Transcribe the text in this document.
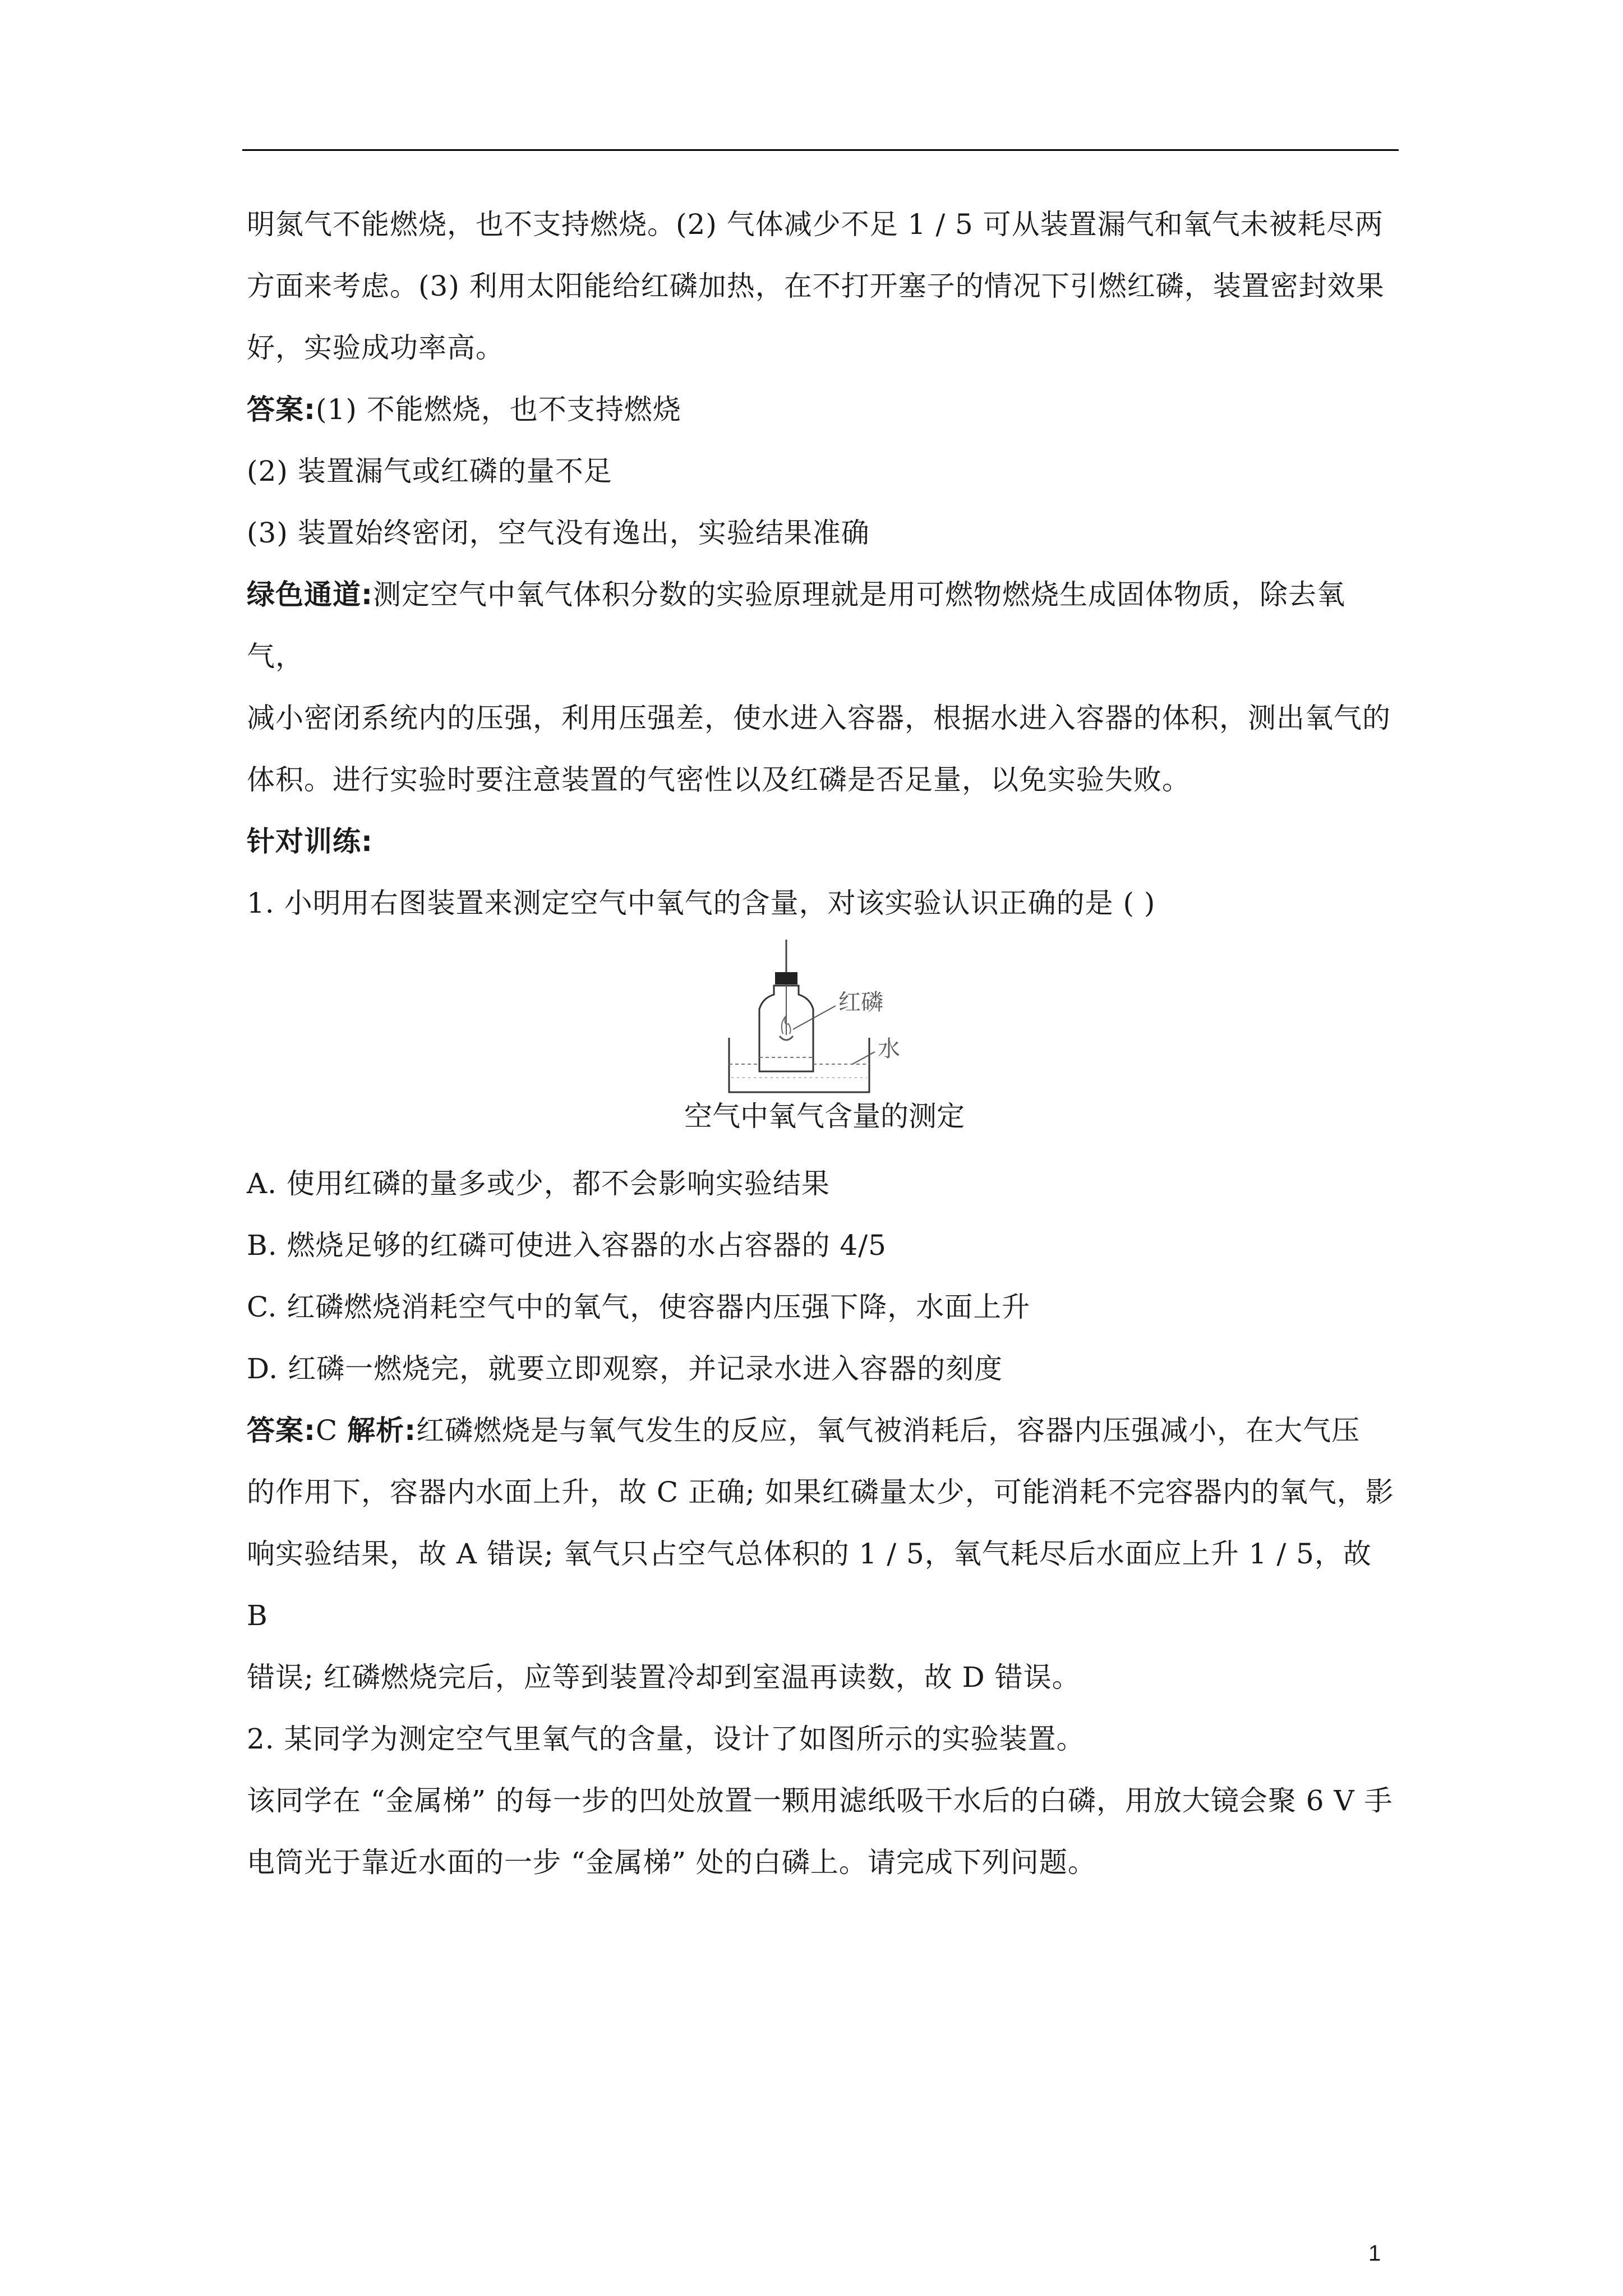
明氮气不能燃烧，也不支持燃烧。(2) 气体减少不足 1 / 5 可从装置漏气和氧气未被耗尽两

方面来考虑。(3) 利用太阳能给红磷加热，在不打开塞子的情况下引燃红磷，装置密封效果

好，实验成功率高。

答案:(1) 不能燃烧，也不支持燃烧

(2) 装置漏气或红磷的量不足

(3) 装置始终密闭，空气没有逸出，实验结果准确

绿色通道:测定空气中氧气体积分数的实验原理就是用可燃物燃烧生成固体物质，除去氧气，

减小密闭系统内的压强，利用压强差，使水进入容器，根据水进入容器的体积，测出氧气的

体积。进行实验时要注意装置的气密性以及红磷是否足量，以免实验失败。

针对训练:

1. 小明用右图装置来测定空气中氧气的含量，对该实验认识正确的是 ( )

红磷
水
空气中氧气含量的测定

A. 使用红磷的量多或少，都不会影响实验结果

B. 燃烧足够的红磷可使进入容器的水占容器的 4/5

C. 红磷燃烧消耗空气中的氧气，使容器内压强下降，水面上升

D. 红磷一燃烧完，就要立即观察，并记录水进入容器的刻度

答案:C 解析:红磷燃烧是与氧气发生的反应，氧气被消耗后，容器内压强减小，在大气压

的作用下，容器内水面上升，故 C 正确; 如果红磷量太少，可能消耗不完容器内的氧气，影

响实验结果，故 A 错误; 氧气只占空气总体积的 1 / 5，氧气耗尽后水面应上升 1 / 5，故 B

错误; 红磷燃烧完后，应等到装置冷却到室温再读数，故 D 错误。

2. 某同学为测定空气里氧气的含量，设计了如图所示的实验装置。

该同学在 “金属梯” 的每一步的凹处放置一颗用滤纸吸干水后的白磷，用放大镜会聚 6 V 手

电筒光于靠近水面的一步 “金属梯” 处的白磷上。请完成下列问题。

1
